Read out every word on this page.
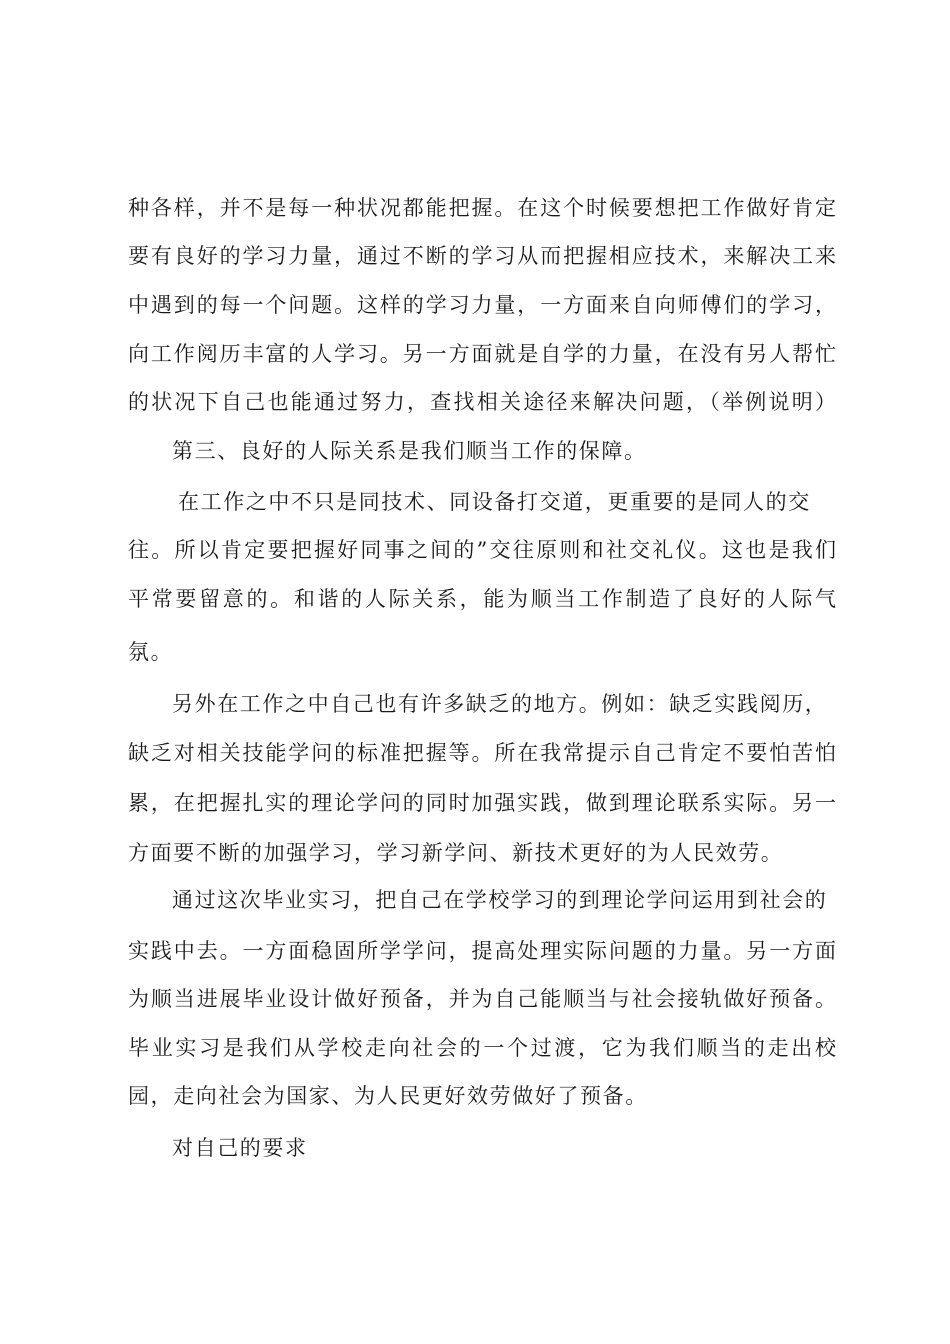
种各样，并不是每一种状况都能把握。在这个时候要想把工作做好肯定
要有良好的学习力量，通过不断的学习从而把握相应技术，来解决工来
中遇到的每一个问题。这样的学习力量，一方面来自向师傅们的学习，
向工作阅历丰富的人学习。另一方面就是自学的力量，在没有另人帮忙
的状况下自己也能通过努力，查找相关途径来解决问题，（举例说明）
第三、良好的人际关系是我们顺当工作的保障。
在工作之中不只是同技术、同设备打交道，更重要的是同人的交
往。所以肯定要把握好同事之间的”交往原则和社交礼仪。这也是我们
平常要留意的。和谐的人际关系，能为顺当工作制造了良好的人际气
氛。
另外在工作之中自己也有许多缺乏的地方。例如：缺乏实践阅历，
缺乏对相关技能学问的标准把握等。所在我常提示自己肯定不要怕苦怕
累，在把握扎实的理论学问的同时加强实践，做到理论联系实际。另一
方面要不断的加强学习，学习新学问、新技术更好的为人民效劳。
通过这次毕业实习，把自己在学校学习的到理论学问运用到社会的
实践中去。一方面稳固所学学问，提高处理实际问题的力量。另一方面
为顺当进展毕业设计做好预备，并为自己能顺当与社会接轨做好预备。
毕业实习是我们从学校走向社会的一个过渡，它为我们顺当的走出校
园，走向社会为国家、为人民更好效劳做好了预备。
对自己的要求
